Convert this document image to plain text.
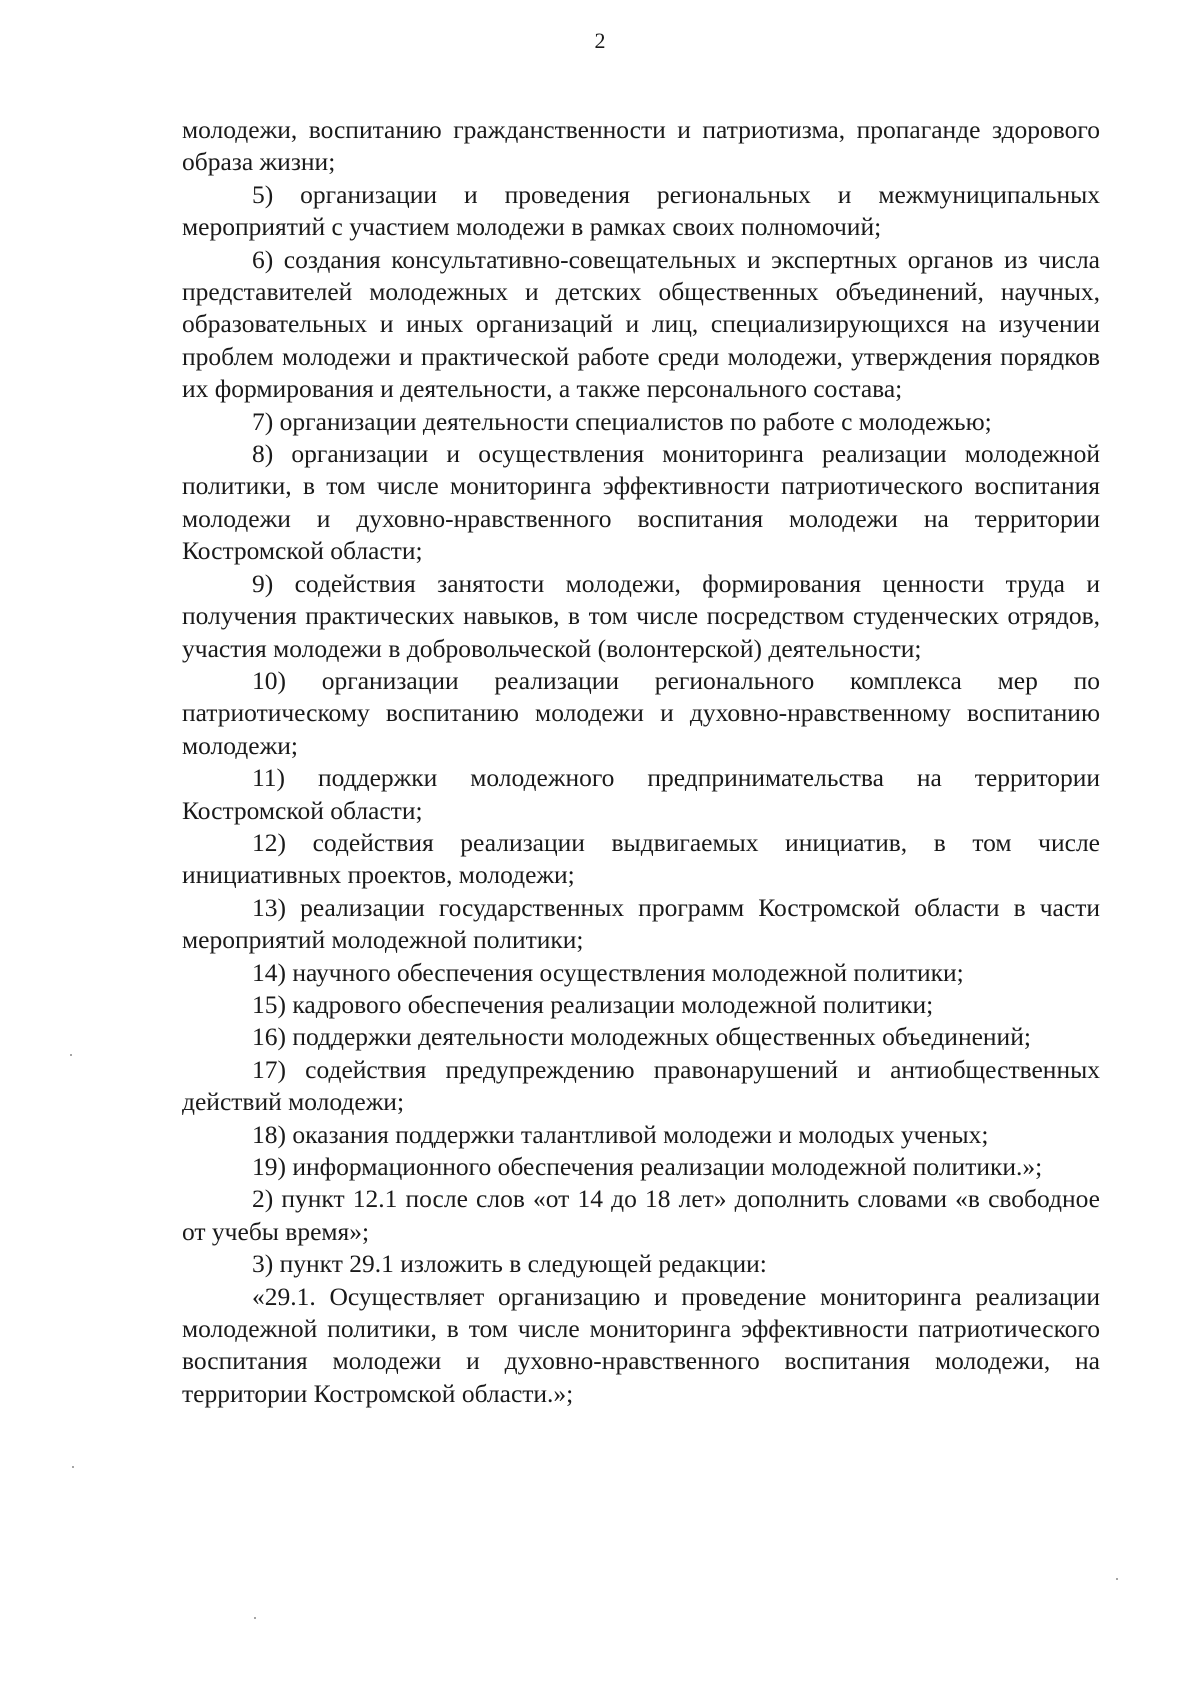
2

молодежи, воспитанию гражданственности и патриотизма, пропаганде здорового образа жизни;

5) организации и проведения региональных и межмуниципальных мероприятий с участием молодежи в рамках своих полномочий;

6) создания консультативно-совещательных и экспертных органов из числа представителей молодежных и детских общественных объединений, научных, образовательных и иных организаций и лиц, специализирующихся на изучении проблем молодежи и практической работе среди молодежи, утверждения порядков их формирования и деятельности, а также персонального состава;

7) организации деятельности специалистов по работе с молодежью;

8) организации и осуществления мониторинга реализации молодежной политики, в том числе мониторинга эффективности патриотического воспитания молодежи и духовно-нравственного воспитания молодежи на территории Костромской области;

9) содействия занятости молодежи, формирования ценности труда и получения практических навыков, в том числе посредством студенческих отрядов, участия молодежи в добровольческой (волонтерской) деятельности;

10) организации реализации регионального комплекса мер по патриотическому воспитанию молодежи и духовно-нравственному воспитанию молодежи;

11) поддержки молодежного предпринимательства на территории Костромской области;

12) содействия реализации выдвигаемых инициатив, в том числе инициативных проектов, молодежи;

13) реализации государственных программ Костромской области в части мероприятий молодежной политики;

14) научного обеспечения осуществления молодежной политики;

15) кадрового обеспечения реализации молодежной политики;

16) поддержки деятельности молодежных общественных объединений;

17) содействия предупреждению правонарушений и антиобщественных действий молодежи;

18) оказания поддержки талантливой молодежи и молодых ученых;

19) информационного обеспечения реализации молодежной политики.»;

2) пункт 12.1 после слов «от 14 до 18 лет» дополнить словами «в свободное от учебы время»;

3) пункт 29.1 изложить в следующей редакции:

«29.1. Осуществляет организацию и проведение мониторинга реализации молодежной политики, в том числе мониторинга эффективности патриотического воспитания молодежи и духовно-нравственного воспитания молодежи, на территории Костромской области.»;
